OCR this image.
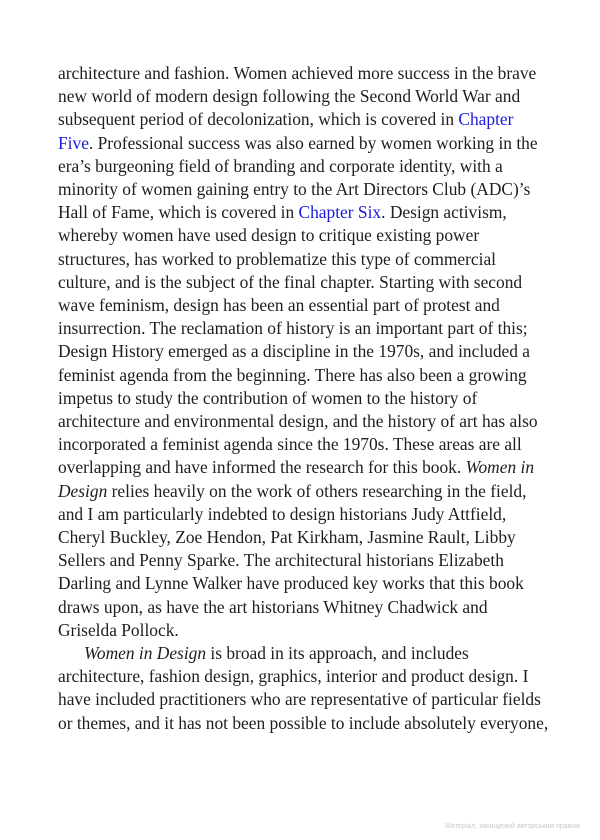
architecture and fashion. Women achieved more success in the brave
new world of modern design following the Second World War and
subsequent period of decolonization, which is covered in Chapter
Five. Professional success was also earned by women working in the
era’s burgeoning field of branding and corporate identity, with a
minority of women gaining entry to the Art Directors Club (ADC)’s
Hall of Fame, which is covered in Chapter Six. Design activism,
whereby women have used design to critique existing power
structures, has worked to problematize this type of commercial
culture, and is the subject of the final chapter. Starting with second
wave feminism, design has been an essential part of protest and
insurrection. The reclamation of history is an important part of this;
Design History emerged as a discipline in the 1970s, and included a
feminist agenda from the beginning. There has also been a growing
impetus to study the contribution of women to the history of
architecture and environmental design, and the history of art has also
incorporated a feminist agenda since the 1970s. These areas are all
overlapping and have informed the research for this book. Women in
Design relies heavily on the work of others researching in the field,
and I am particularly indebted to design historians Judy Attfield,
Cheryl Buckley, Zoe Hendon, Pat Kirkham, Jasmine Rault, Libby
Sellers and Penny Sparke. The architectural historians Elizabeth
Darling and Lynne Walker have produced key works that this book
draws upon, as have the art historians Whitney Chadwick and
Griselda Pollock.
Women in Design is broad in its approach, and includes
architecture, fashion design, graphics, interior and product design. I
have included practitioners who are representative of particular fields
or themes, and it has not been possible to include absolutely everyone,
Матеріал, захищений авторським правом
